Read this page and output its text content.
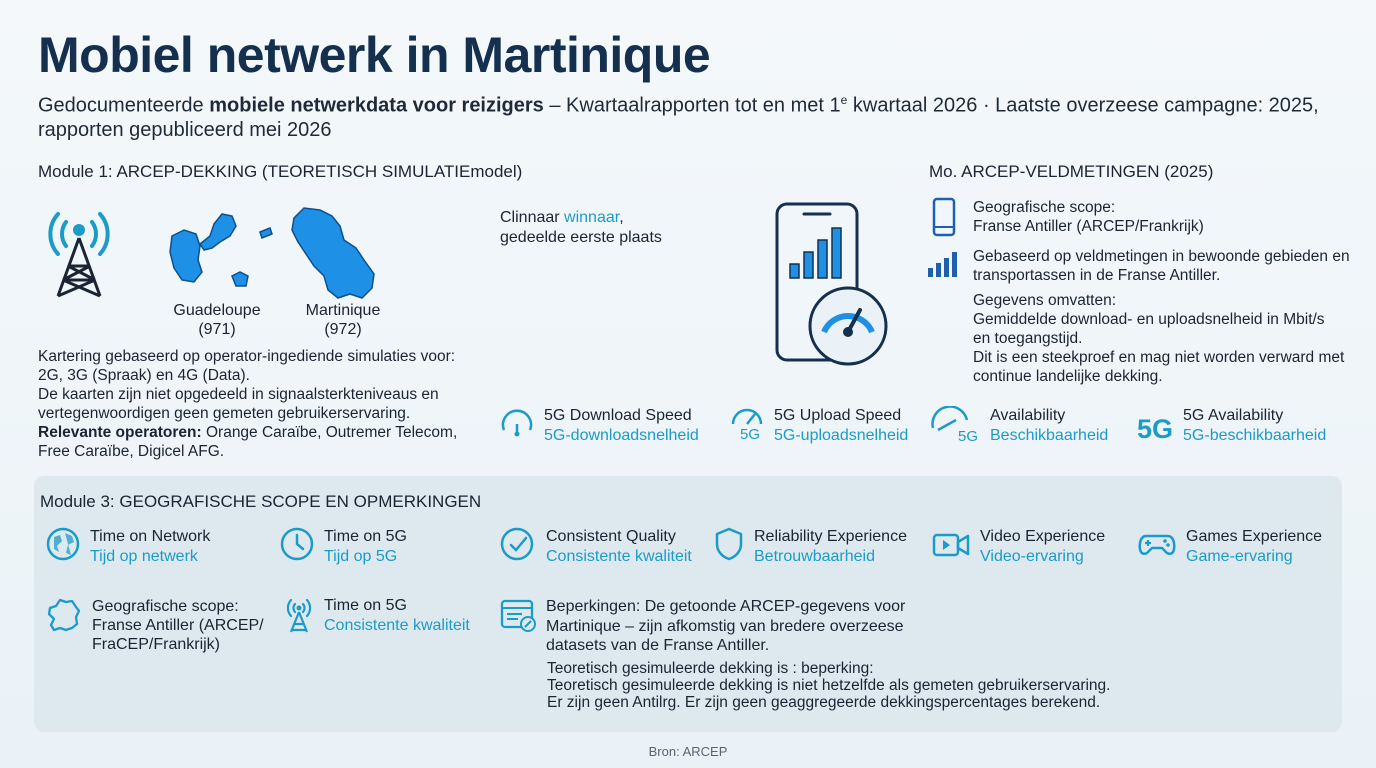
Mobiel netwerk in Martinique
Gedocumenteerde mobiele netwerkdata voor reizigers – Kwartaalrapporten tot en met 1e kwartaal 2026 · Laatste overzeese campagne: 2025,
rapporten gepubliceerd mei 2026
Module 1: ARCEP-DEKKING (TEORETISCH SIMULATIEmodel)
Guadeloupe
(971)
Martinique
(972)
Kartering gebaseerd op operator-ingediende simulaties voor:
2G, 3G (Spraak) en 4G (Data).
De kaarten zijn niet opgedeeld in signaalsterkteniveaus en
vertegenwoordigen geen gemeten gebruikerservaring.
Relevante operatoren: Orange Caraïbe, Outremer Telecom,
Free Caraïbe, Digicel AFG.
Clinnaar winnaar,
gedeelde eerste plaats
Mo. ARCEP-VELDMETINGEN (2025)
Geografische scope:
Franse Antiller (ARCEP/Frankrijk)
Gebaseerd op veldmetingen in bewoonde gebieden en
transportassen in de Franse Antiller.
Gegevens omvatten:
Gemiddelde download- en uploadsnelheid in Mbit/s
en toegangstijd.
Dit is een steekproef en mag niet worden verward met
continue landelijke dekking.
5G Download Speed
5G-downloadsnelheid	5G
5G Upload Speed
5G-uploadsnelheid	5G
Availability
Beschikbaarheid 5G 5G Availability
5G-beschikbaarheid
Module 3: GEOGRAFISCHE SCOPE EN OPMERKINGEN
Time on Network
Tijd op netwerk
Time on 5G
Tijd op 5G
Consistent Quality
Consistente kwaliteit
Reliability Experience
Betrouwbaarheid
Video Experience
Video-ervaring
Games Experience
Game-ervaring
Geografische scope:
Franse Antiller (ARCEP/
FraCEP/Frankrijk)
Time on 5G
Consistente kwaliteit
Beperkingen: De getoonde ARCEP-gegevens voor
Martinique – zijn afkomstig van bredere overzeese
datasets van de Franse Antiller.
Teoretisch gesimuleerde dekking is : beperking:
Teoretisch gesimuleerde dekking is niet hetzelfde als gemeten gebruikerservaring.
Er zijn geen Antilrg. Er zijn geen geaggregeerde dekkingspercentages berekend.
Bron: ARCEP
